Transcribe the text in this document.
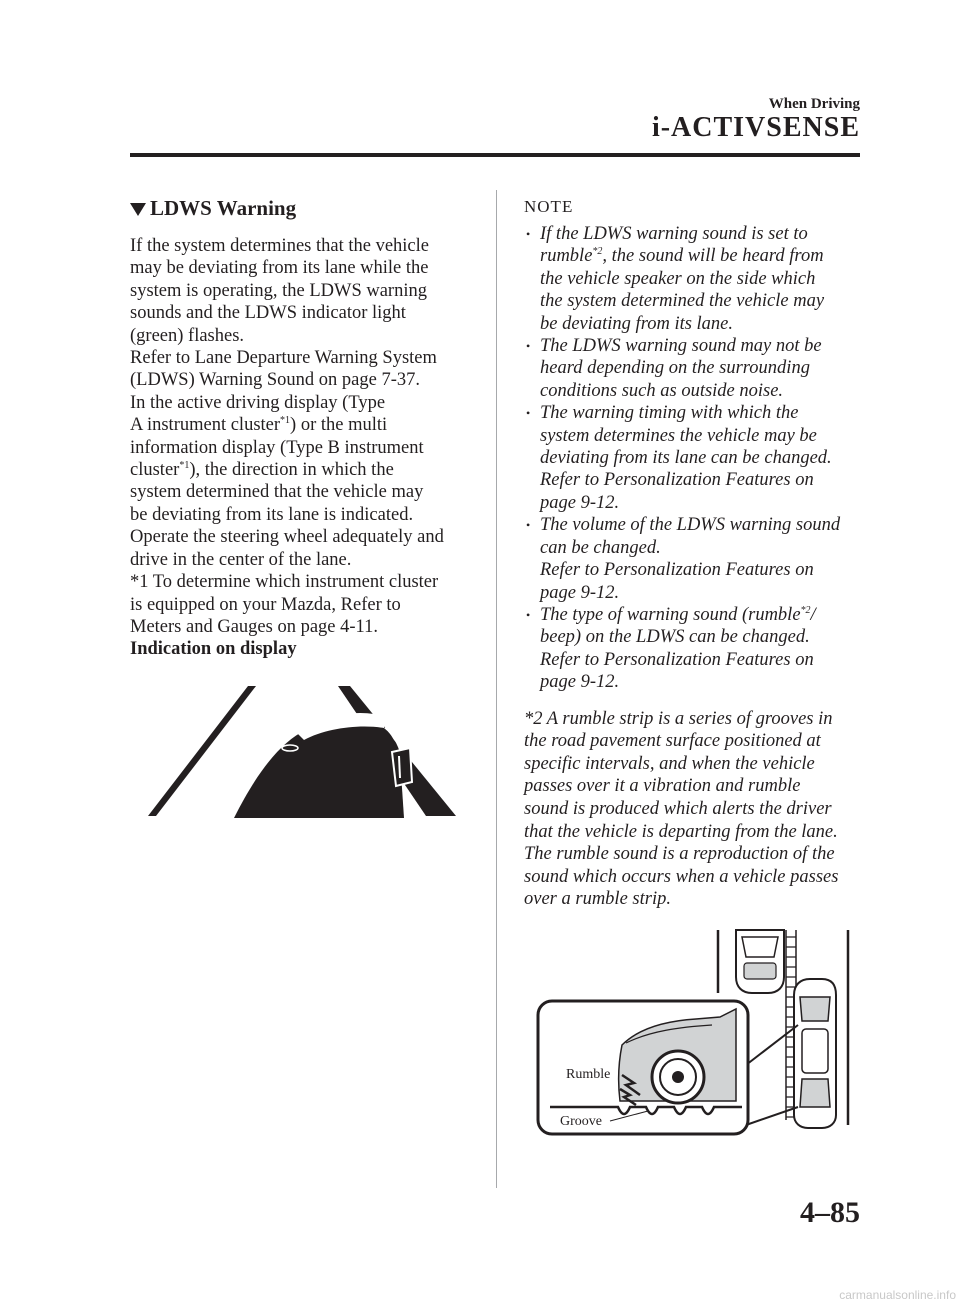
When Driving
i-ACTIVSENSE
LDWS Warning

If the system determines that the vehicle

may be deviating from its lane while the

system is operating, the LDWS warning

sounds and the LDWS indicator light

(green) flashes.

Refer to Lane Departure Warning System

(LDWS) Warning Sound on page 7-37.

In the active driving display (Type

A instrument cluster$^{*1}$) or the multi

information display (Type B instrument

cluster$^{*1}$), the direction in which the

system determined that the vehicle may

be deviating from its lane is indicated.

Operate the steering wheel adequately and

drive in the center of the lane.

*1 To determine which instrument cluster

is equipped on your Mazda, Refer to

Meters and Gauges on page 4-11.

Indication on display

NOTE

• If the LDWS warning sound is set to
rumble$^{*2}$, the sound will be heard from
the vehicle speaker on the side which
the system determined the vehicle may
be deviating from its lane.
• The LDWS warning sound may not be
heard depending on the surrounding
conditions such as outside noise.
• The warning timing with which the
system determines the vehicle may be
deviating from its lane can be changed.
Refer to Personalization Features on
page 9-12.
• The volume of the LDWS warning sound
can be changed.
Refer to Personalization Features on
page 9-12.
• The type of warning sound (rumble$^{*2}$/
beep) on the LDWS can be changed.
Refer to Personalization Features on
page 9-12.
*2 A rumble strip is a series of grooves in
the road pavement surface positioned at
specific intervals, and when the vehicle
passes over it a vibration and rumble
sound is produced which alerts the driver
that the vehicle is departing from the lane.
The rumble sound is a reproduction of the
sound which occurs when a vehicle passes
over a rumble strip.
Rumble
Groove
4–85
carmanualsonline.info
